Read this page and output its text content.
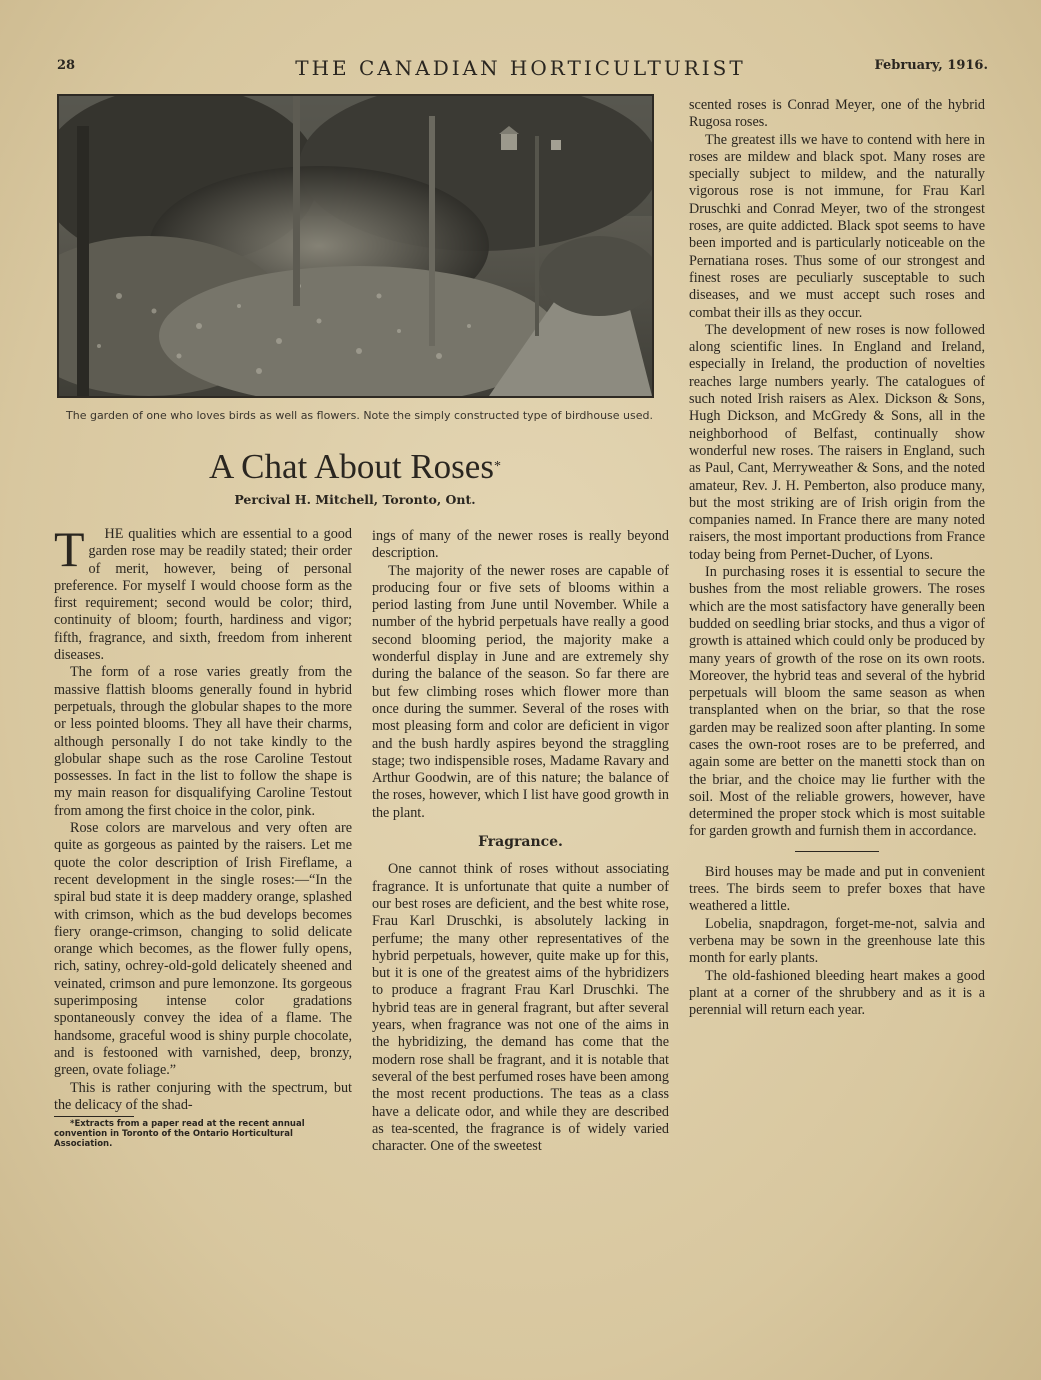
28	THE CANADIAN HORTICULTURIST	February, 1916.
The garden of one who loves birds as well as flowers. Note the simply constructed type of birdhouse used.
A Chat About Roses*
Percival H. Mitchell, Toronto, Ont.

T HE qualities which are essential to a good garden rose may be readily stated; their order of merit, however, being of personal preference. For myself I would choose form as the first requirement; second would be color; third, continuity of bloom; fourth, hardiness and vigor; fifth, fragrance, and sixth, freedom from inherent diseases.

The form of a rose varies greatly from the massive flattish blooms generally found in hybrid perpetuals, through the globular shapes to the more or less pointed blooms. They all have their charms, although personally I do not take kindly to the globular shape such as the rose Caroline Testout possesses. In fact in the list to follow the shape is my main reason for disqualifying Caroline Testout from among the first choice in the color, pink.

Rose colors are marvelous and very often are quite as gorgeous as painted by the raisers. Let me quote the color description of Irish Fireflame, a recent development in the single roses:—“In the spiral bud state it is deep maddery orange, splashed with crimson, which as the bud develops becomes fiery orange-crimson, changing to solid delicate orange which becomes, as the flower fully opens, rich, satiny, ochrey-old-gold delicately sheened and veinated, crimson and pure lemonzone. Its gorgeous superimposing intense color gradations spontaneously convey the idea of a flame. The handsome, graceful wood is shiny purple chocolate, and is festooned with varnished, deep, bronzy, green, ovate foliage.”

This is rather conjuring with the spectrum, but the delicacy of the shad-

*Extracts from a paper read at the recent annual convention in Toronto of the Ontario Horticultural Association.

ings of many of the newer roses is really beyond description.

The majority of the newer roses are capable of producing four or five sets of blooms within a period lasting from June until November. While a number of the hybrid perpetuals have really a good second blooming period, the majority make a wonderful display in June and are extremely shy during the balance of the season. So far there are but few climbing roses which flower more than once during the summer. Several of the roses with most pleasing form and color are deficient in vigor and the bush hardly aspires beyond the straggling stage; two indispensible roses, Madame Ravary and Arthur Goodwin, are of this nature; the balance of the roses, however, which I list have good growth in the plant.

Fragrance.

One cannot think of roses without associating fragrance. It is unfortunate that quite a number of our best roses are deficient, and the best white rose, Frau Karl Druschki, is absolutely lacking in perfume; the many other representatives of the hybrid perpetuals, however, quite make up for this, but it is one of the greatest aims of the hybridizers to produce a fragrant Frau Karl Druschki. The hybrid teas are in general fragrant, but after several years, when fragrance was not one of the aims in the hybridizing, the demand has come that the modern rose shall be fragrant, and it is notable that several of the best perfumed roses have been among the most recent productions. The teas as a class have a delicate odor, and while they are described as tea-scented, the fragrance is of widely varied character. One of the sweetest

scented roses is Conrad Meyer, one of the hybrid Rugosa roses.

The greatest ills we have to contend with here in roses are mildew and black spot. Many roses are specially subject to mildew, and the naturally vigorous rose is not immune, for Frau Karl Druschki and Conrad Meyer, two of the strongest roses, are quite addicted. Black spot seems to have been imported and is particularly noticeable on the Pernatiana roses. Thus some of our strongest and finest roses are peculiarly susceptable to such diseases, and we must accept such roses and combat their ills as they occur.

The development of new roses is now followed along scientific lines. In England and Ireland, especially in Ireland, the production of novelties reaches large numbers yearly. The catalogues of such noted Irish raisers as Alex. Dickson & Sons, Hugh Dickson, and McGredy & Sons, all in the neighborhood of Belfast, continually show wonderful new roses. The raisers in England, such as Paul, Cant, Merryweather & Sons, and the noted amateur, Rev. J. H. Pemberton, also produce many, but the most striking are of Irish origin from the companies named. In France there are many noted raisers, the most important productions from France today being from Pernet-Ducher, of Lyons.

In purchasing roses it is essential to secure the bushes from the most reliable growers. The roses which are the most satisfactory have generally been budded on seedling briar stocks, and thus a vigor of growth is attained which could only be produced by many years of growth of the rose on its own roots. Moreover, the hybrid teas and several of the hybrid perpetuals will bloom the same season as when transplanted when on the briar, so that the rose garden may be realized soon after planting. In some cases the own-root roses are to be preferred, and again some are better on the manetti stock than on the briar, and the choice may lie further with the soil. Most of the reliable growers, however, have determined the proper stock which is most suitable for garden growth and furnish them in accordance.

Bird houses may be made and put in convenient trees. The birds seem to prefer boxes that have weathered a little.

Lobelia, snapdragon, forget-me-not, salvia and verbena may be sown in the greenhouse late this month for early plants.

The old-fashioned bleeding heart makes a good plant at a corner of the shrubbery and as it is a perennial will return each year.
